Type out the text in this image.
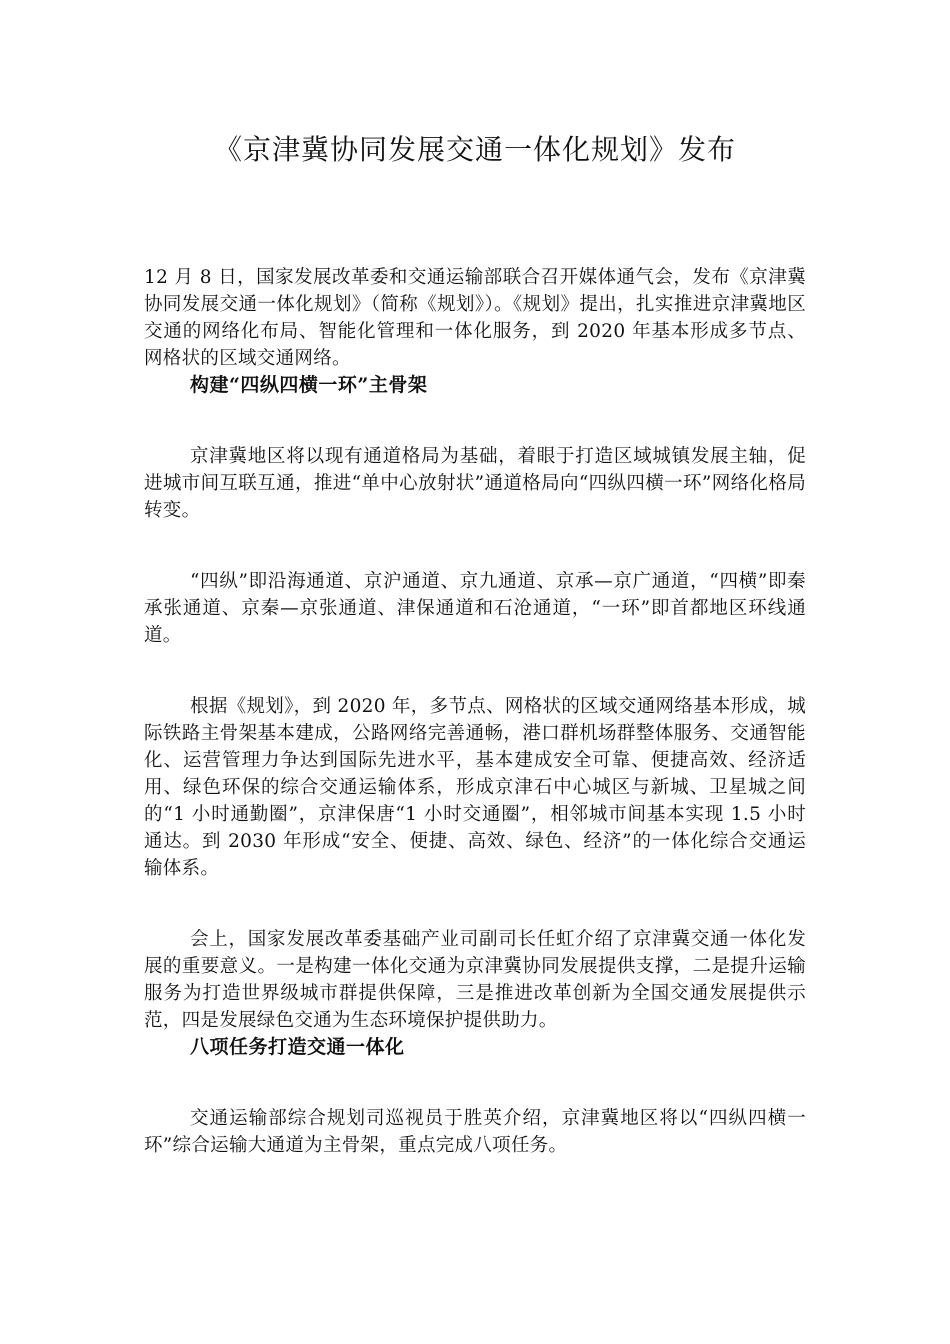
《京津冀协同发展交通一体化规划》发布

12 月 8 日，国家发展改革委和交通运输部联合召开媒体通气会，发布《京津冀协同发展交通一体化规划》（简称《规划》）。《规划》提出，扎实推进京津冀地区交通的网络化布局、智能化管理和一体化服务，到 2020 年基本形成多节点、网格状的区域交通网络。

构建“四纵四横一环”主骨架

京津冀地区将以现有通道格局为基础，着眼于打造区域城镇发展主轴，促进城市间互联互通，推进“单中心放射状”通道格局向“四纵四横一环”网络化格局转变。

“四纵”即沿海通道、京沪通道、京九通道、京承—京广通道，“四横”即秦承张通道、京秦—京张通道、津保通道和石沧通道，“一环”即首都地区环线通道。

根据《规划》，到 2020 年，多节点、网格状的区域交通网络基本形成，城际铁路主骨架基本建成，公路网络完善通畅，港口群机场群整体服务、交通智能化、运营管理力争达到国际先进水平，基本建成安全可靠、便捷高效、经济适用、绿色环保的综合交通运输体系，形成京津石中心城区与新城、卫星城之间的“1 小时通勤圈”，京津保唐“1 小时交通圈”，相邻城市间基本实现 1.5 小时通达。到 2030 年形成“安全、便捷、高效、绿色、经济”的一体化综合交通运输体系。

会上，国家发展改革委基础产业司副司长任虹介绍了京津冀交通一体化发展的重要意义。一是构建一体化交通为京津冀协同发展提供支撑，二是提升运输服务为打造世界级城市群提供保障，三是推进改革创新为全国交通发展提供示范，四是发展绿色交通为生态环境保护提供助力。

八项任务打造交通一体化

交通运输部综合规划司巡视员于胜英介绍，京津冀地区将以“四纵四横一环”综合运输大通道为主骨架，重点完成八项任务。
